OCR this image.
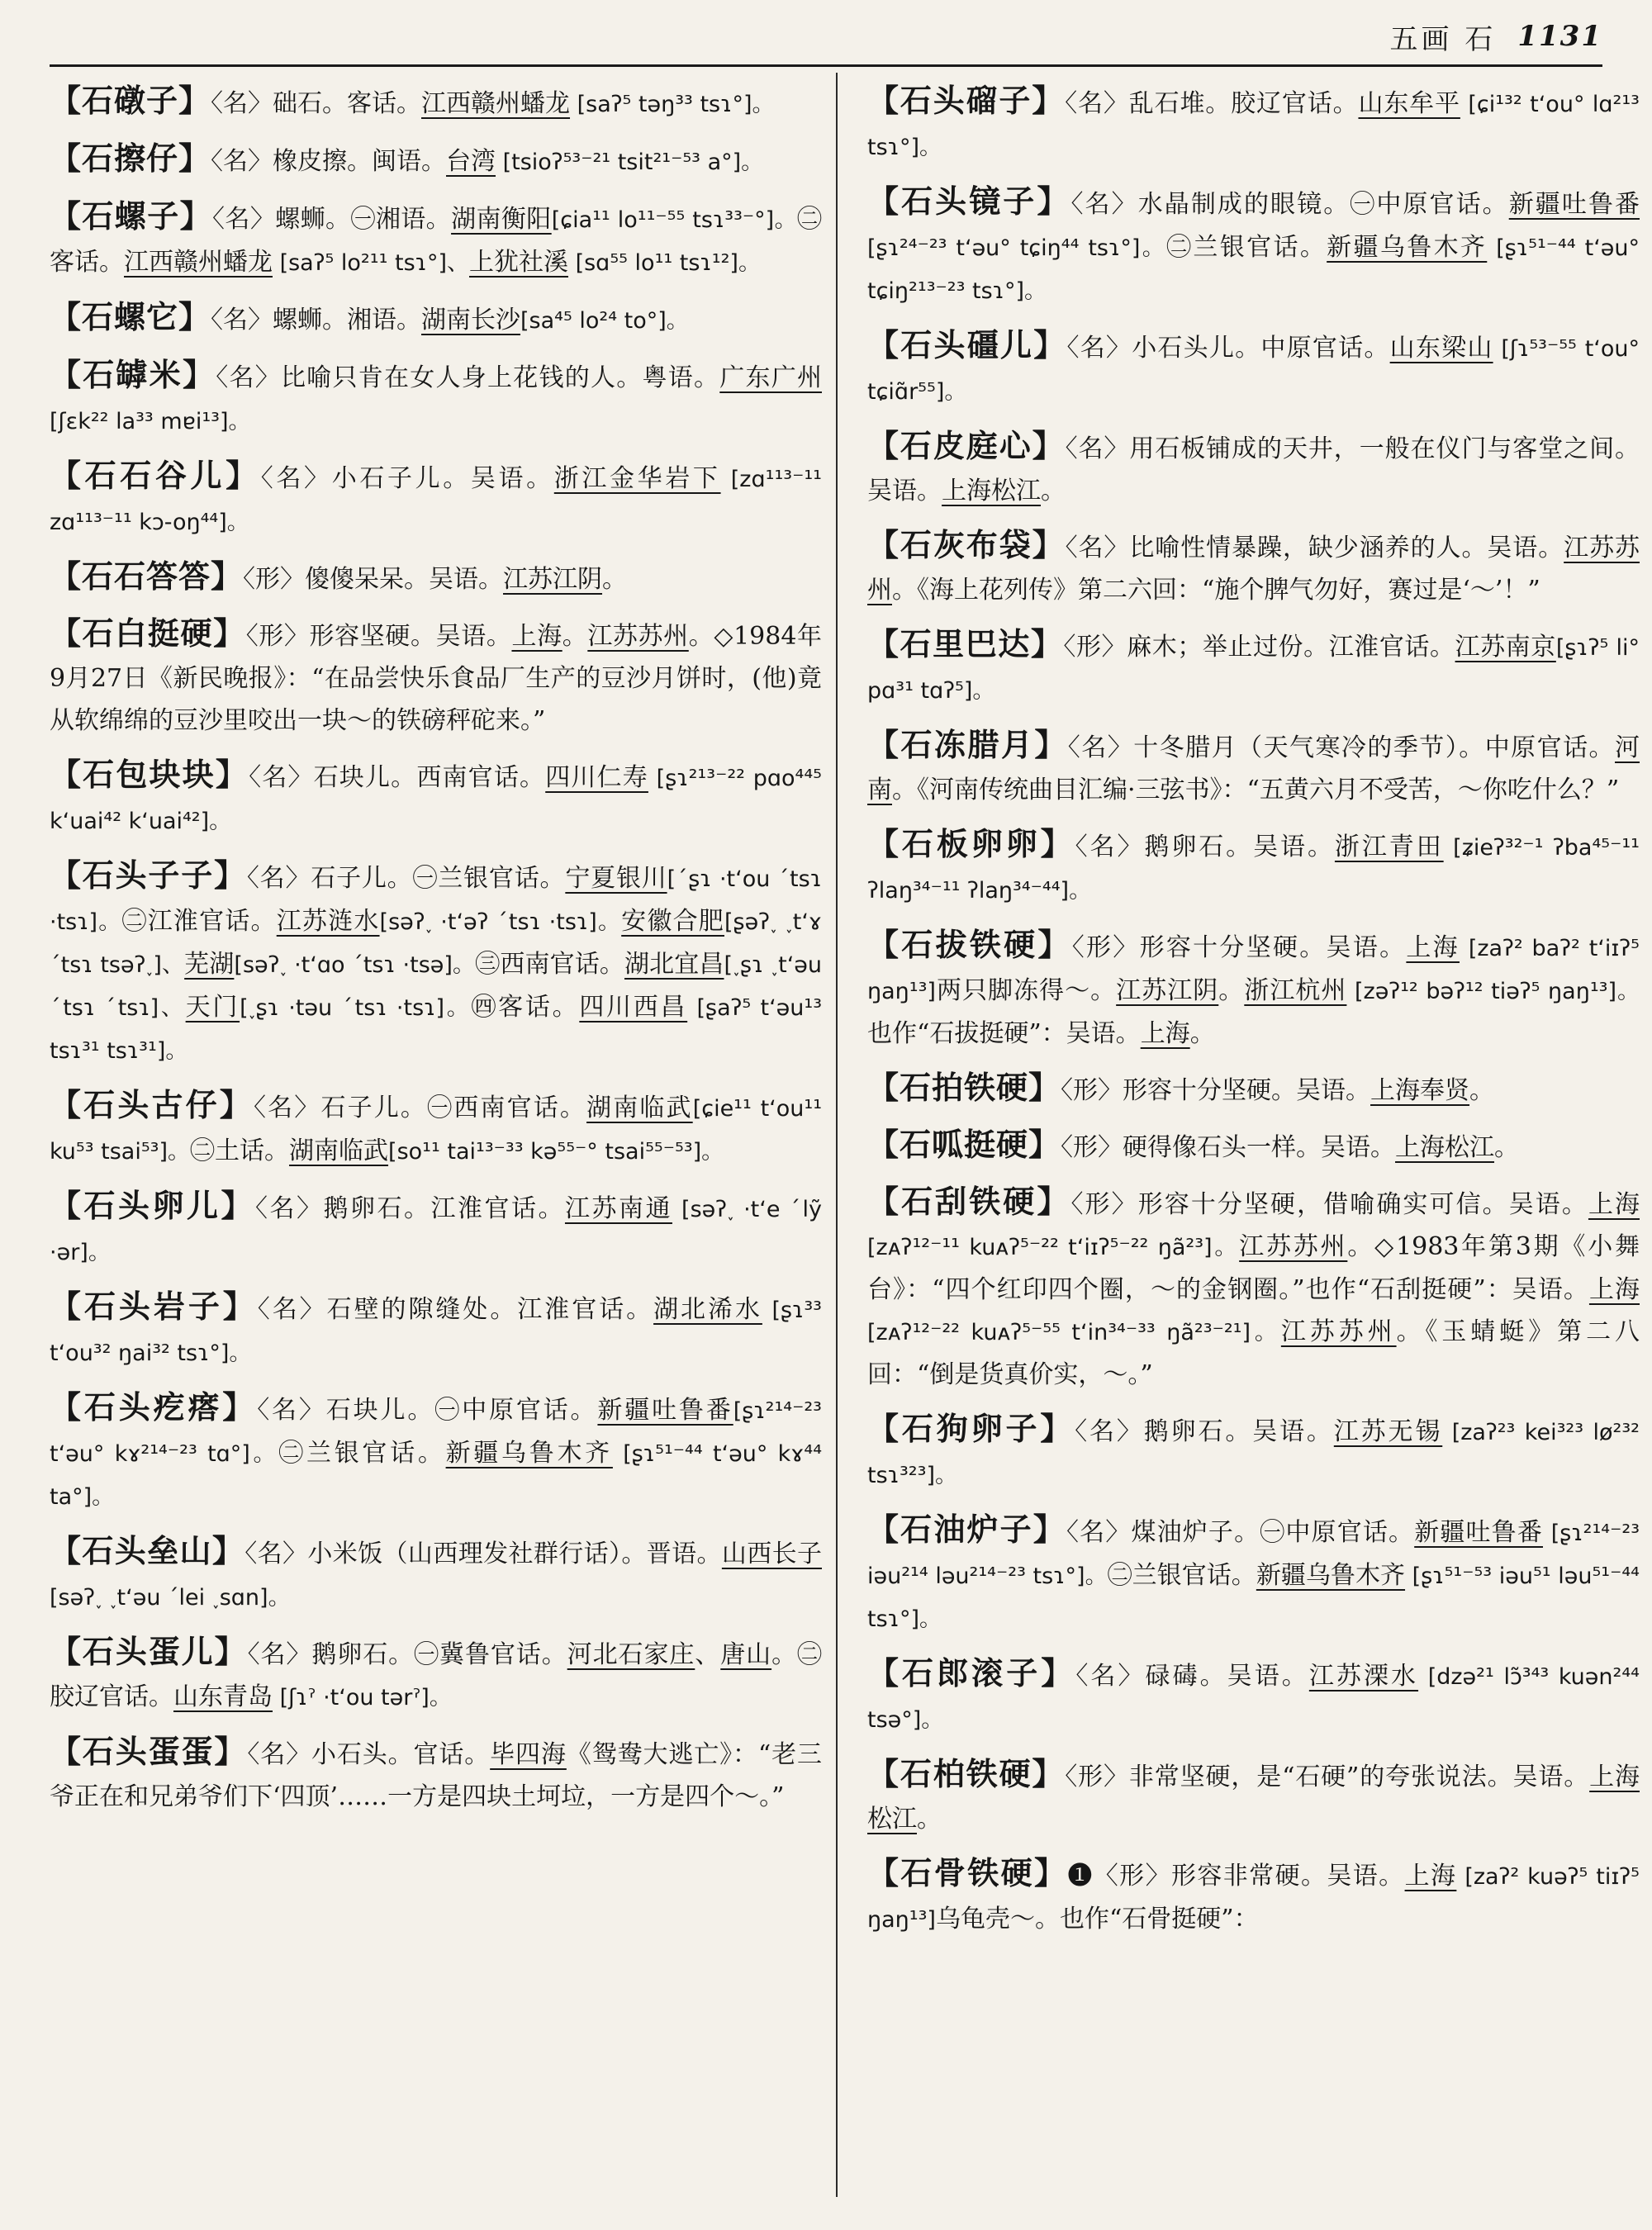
五画 石 1131
【石礅子】〈名〉础石。客话。江西赣州蟠龙 [saʔ⁵ təŋ³³ tsɿ°]。
【石擦仔】〈名〉橡皮擦。闽语。台湾 [tsioʔ⁵³⁻²¹ tsit²¹⁻⁵³ a°]。
【石螺子】〈名〉螺蛳。㊀湘语。湖南衡阳[ɕia¹¹ lo¹¹⁻⁵⁵ tsɿ³³⁻°]。㊁客话。江西赣州蟠龙 [saʔ⁵ lo²¹¹ tsɿ°]、上犹社溪 [sɑ⁵⁵ lo¹¹ tsɿ¹²]。
【石螺它】〈名〉螺蛳。湘语。湖南长沙[sa⁴⁵ lo²⁴ to°]。
【石罅米】〈名〉比喻只肯在女人身上花钱的人。粤语。广东广州 [ʃɛk²² la³³ mɐi¹³]。
【石石谷儿】〈名〉小石子儿。吴语。浙江金华岩下 [zɑ¹¹³⁻¹¹ zɑ¹¹³⁻¹¹ kɔ-oŋ⁴⁴]。
【石石答答】〈形〉傻傻呆呆。吴语。江苏江阴。
【石白挺硬】〈形〉形容坚硬。吴语。上海。江苏苏州。◇1984年9月27日《新民晚报》：“在品尝快乐食品厂生产的豆沙月饼时，(他)竟从软绵绵的豆沙里咬出一块～的铁磅秤砣来。”
【石包块块】〈名〉石块儿。西南官话。四川仁寿 [ʂɿ²¹³⁻²² pɑo⁴⁴⁵ kʻuai⁴² kʻuai⁴²]。
【石头子子】〈名〉石子儿。㊀兰银官话。宁夏银川[ˊʂɿ ·tʻou ˊtsɿ ·tsɿ]。㊁江淮官话。江苏涟水[səʔ˯ ·tʻəʔ ˊtsɿ ·tsɿ]。安徽合肥[ʂəʔ˯ ˯tʻɤ ˊtsɿ tsəʔ˯]、芜湖[səʔ˯ ·tʻɑo ˊtsɿ ·tsə]。㊂西南官话。湖北宜昌[˯ʂɿ ˯tʻəu ˊtsɿ ˊtsɿ]、天门[˯ʂɿ ·təu ˊtsɿ ·tsɿ]。㊃客话。四川西昌 [ʂaʔ⁵ tʻəu¹³ tsɿ³¹ tsɿ³¹]。
【石头古仔】〈名〉石子儿。㊀西南官话。湖南临武[ɕie¹¹ tʻou¹¹ ku⁵³ tsai⁵³]。㊁土话。湖南临武[so¹¹ tai¹³⁻³³ kə⁵⁵⁻° tsai⁵⁵⁻⁵³]。
【石头卵儿】〈名〉鹅卵石。江淮官话。江苏南通 [səʔ˯ ·tʻe ˊlỹ ·ər]。
【石头岩子】〈名〉石壁的隙缝处。江淮官话。湖北浠水 [ʂɿ³³ tʻou³² ŋai³² tsɿ°]。
【石头疙瘩】〈名〉石块儿。㊀中原官话。新疆吐鲁番[ʂɿ²¹⁴⁻²³ tʻəu° kɤ²¹⁴⁻²³ tɑ°]。㊁兰银官话。新疆乌鲁木齐 [ʂɿ⁵¹⁻⁴⁴ tʻəu° kɤ⁴⁴ ta°]。
【石头垒山】〈名〉小米饭（山西理发社群行话）。晋语。山西长子 [səʔ˯ ˯tʻəu ˊlei ˯sɑn]。
【石头蛋儿】〈名〉鹅卵石。㊀冀鲁官话。河北石家庄、唐山。㊁胶辽官话。山东青岛 [ʃɿˀ ·tʻou tərˀ]。
【石头蛋蛋】〈名〉小石头。官话。毕四海《鸳鸯大逃亡》：“老三爷正在和兄弟爷们下‘四顶’……一方是四块土坷垃，一方是四个～。”
【石头磂子】〈名〉乱石堆。胶辽官话。山东牟平 [ɕi¹³² tʻou° lɑ²¹³ tsɿ°]。
【石头镜子】〈名〉水晶制成的眼镜。㊀中原官话。新疆吐鲁番 [ʂɿ²⁴⁻²³ tʻəu° tɕiŋ⁴⁴ tsɿ°]。㊁兰银官话。新疆乌鲁木齐 [ʂɿ⁵¹⁻⁴⁴ tʻəu° tɕiŋ²¹³⁻²³ tsɿ°]。
【石头礓儿】〈名〉小石头儿。中原官话。山东梁山 [ʃɿ⁵³⁻⁵⁵ tʻou° tɕiɑ̃r⁵⁵]。
【石皮庭心】〈名〉用石板铺成的天井，一般在仪门与客堂之间。吴语。上海松江。
【石灰布袋】〈名〉比喻性情暴躁，缺少涵养的人。吴语。江苏苏州。《海上花列传》第二六回：“施个脾气勿好，赛过是‘～’！”
【石里巴达】〈形〉麻木；举止过份。江淮官话。江苏南京[ʂɿʔ⁵ li° pɑ³¹ tɑʔ⁵]。
【石冻腊月】〈名〉十冬腊月（天气寒冷的季节）。中原官话。河南。《河南传统曲目汇编·三弦书》：“五黄六月不受苦，～你吃什么？”
【石板卵卵】〈名〉鹅卵石。吴语。浙江青田 [ʑieʔ³²⁻¹ ʔba⁴⁵⁻¹¹ ʔlaŋ³⁴⁻¹¹ ʔlaŋ³⁴⁻⁴⁴]。
【石拔铁硬】〈形〉形容十分坚硬。吴语。上海 [zaʔ² baʔ² tʻiɪʔ⁵ ŋaŋ¹³]两只脚冻得～。江苏江阴。浙江杭州 [zəʔ¹² bəʔ¹² tiəʔ⁵ ŋaŋ¹³]。也作“石拔挺硬”：吴语。上海。
【石拍铁硬】〈形〉形容十分坚硬。吴语。上海奉贤。
【石呱挺硬】〈形〉硬得像石头一样。吴语。上海松江。
【石刮铁硬】〈形〉形容十分坚硬，借喻确实可信。吴语。上海[zᴀʔ¹²⁻¹¹ kuᴀʔ⁵⁻²² tʻiɪʔ⁵⁻²² ŋã²³]。江苏苏州。◇1983年第3期《小舞台》：“四个红印四个圈，～的金钢圈。”也作“石刮挺硬”：吴语。上海[zᴀʔ¹²⁻²² kuᴀʔ⁵⁻⁵⁵ tʻin³⁴⁻³³ ŋã²³⁻²¹]。江苏苏州。《玉蜻蜓》第二八回：“倒是货真价实，～。”
【石狗卵子】〈名〉鹅卵石。吴语。江苏无锡 [zaʔ²³ kei³²³ lø²³² tsɿ³²³]。
【石油炉子】〈名〉煤油炉子。㊀中原官话。新疆吐鲁番 [ʂɿ²¹⁴⁻²³ iəu²¹⁴ ləu²¹⁴⁻²³ tsɿ°]。㊁兰银官话。新疆乌鲁木齐 [ʂɿ⁵¹⁻⁵³ iəu⁵¹ ləu⁵¹⁻⁴⁴ tsɿ°]。
【石郎滚子】〈名〉碌碡。吴语。江苏溧水 [dzə²¹ lɔ̃³⁴³ kuən²⁴⁴ tsə°]。
【石柏铁硬】〈形〉非常坚硬，是“石硬”的夸张说法。吴语。上海松江。
【石骨铁硬】❶〈形〉形容非常硬。吴语。上海 [zaʔ² kuəʔ⁵ tiɪʔ⁵ ŋaŋ¹³]乌龟壳～。也作“石骨挺硬”：
